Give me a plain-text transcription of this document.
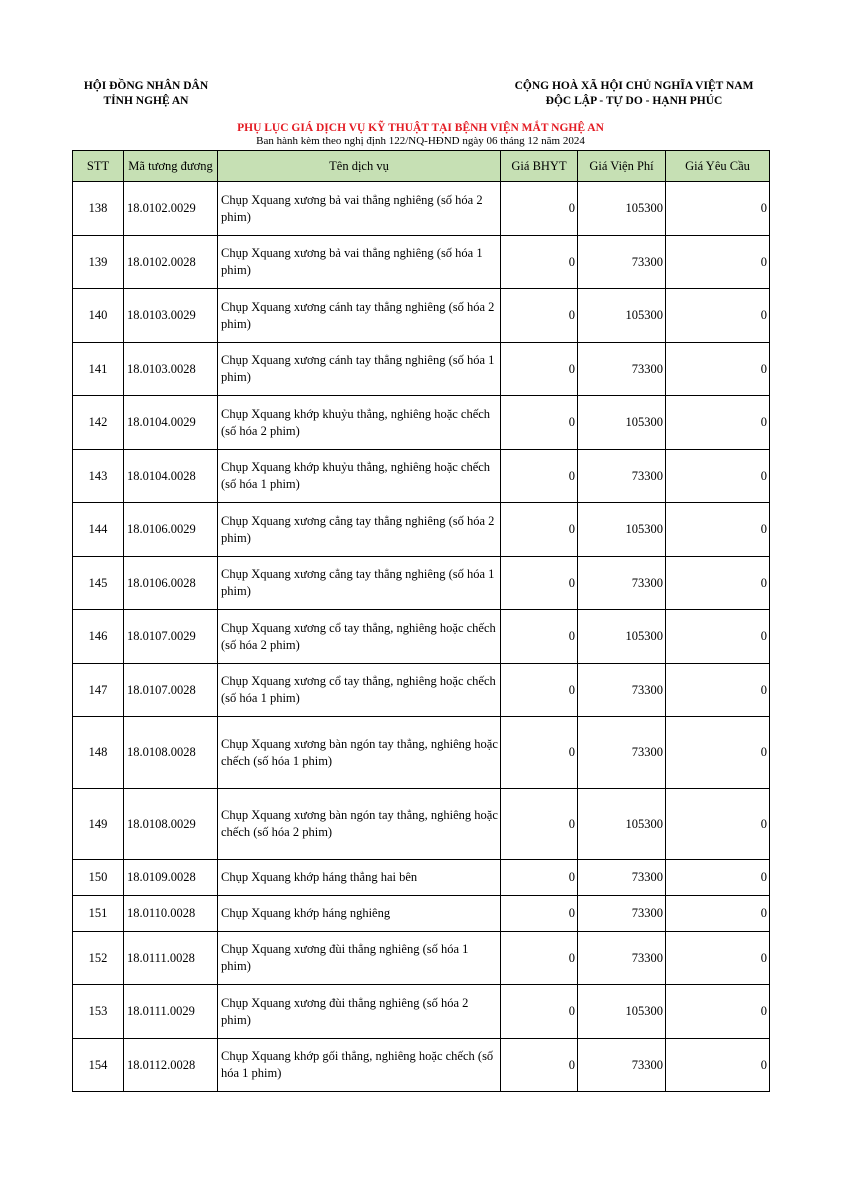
HỘI ĐỒNG NHÂN DÂN
TỈNH NGHỆ AN
CỘNG HOÀ XÃ HỘI CHỦ NGHĨA VIỆT NAM
ĐỘC LẬP - TỰ DO - HẠNH PHÚC
PHỤ LỤC GIÁ DỊCH VỤ KỸ THUẬT TẠI BỆNH VIỆN MẮT NGHỆ AN
Ban hành kèm theo nghị định 122/NQ-HĐND ngày 06 tháng 12 năm 2024
STT	Mã tương đương	Tên dịch vụ	Giá BHYT	Giá Viện Phí	Giá Yêu Cầu
138	18.0102.0029	Chụp Xquang xương bả vai thẳng nghiêng (số hóa 2 phim)	0	105300	0
139	18.0102.0028	Chụp Xquang xương bả vai thẳng nghiêng (số hóa 1 phim)	0	73300	0
140	18.0103.0029	Chụp Xquang xương cánh tay thẳng nghiêng (số hóa 2 phim)	0	105300	0
141	18.0103.0028	Chụp Xquang xương cánh tay thẳng nghiêng (số hóa 1 phim)	0	73300	0
142	18.0104.0029	Chụp Xquang khớp khuỷu thẳng, nghiêng hoặc chếch (số hóa 2 phim)	0	105300	0
143	18.0104.0028	Chụp Xquang khớp khuỷu thẳng, nghiêng hoặc chếch (số hóa 1 phim)	0	73300	0
144	18.0106.0029	Chụp Xquang xương cẳng tay thẳng nghiêng (số hóa 2 phim)	0	105300	0
145	18.0106.0028	Chụp Xquang xương cẳng tay thẳng nghiêng (số hóa 1 phim)	0	73300	0
146	18.0107.0029	Chụp Xquang xương cổ tay thẳng, nghiêng hoặc chếch (số hóa 2 phim)	0	105300	0
147	18.0107.0028	Chụp Xquang xương cổ tay thẳng, nghiêng hoặc chếch (số hóa 1 phim)	0	73300	0
148	18.0108.0028	Chụp Xquang xương bàn ngón tay thẳng, nghiêng hoặc chếch (số hóa 1 phim)	0	73300	0
149	18.0108.0029	Chụp Xquang xương bàn ngón tay thẳng, nghiêng hoặc chếch (số hóa 2 phim)	0	105300	0
150	18.0109.0028	Chụp Xquang khớp háng thẳng hai bên	0	73300	0
151	18.0110.0028	Chụp Xquang khớp háng nghiêng	0	73300	0
152	18.0111.0028	Chụp Xquang xương đùi thẳng nghiêng (số hóa 1 phim)	0	73300	0
153	18.0111.0029	Chụp Xquang xương đùi thẳng nghiêng (số hóa 2 phim)	0	105300	0
154	18.0112.0028	Chụp Xquang khớp gối thẳng, nghiêng hoặc chếch (số hóa 1 phim)	0	73300	0
